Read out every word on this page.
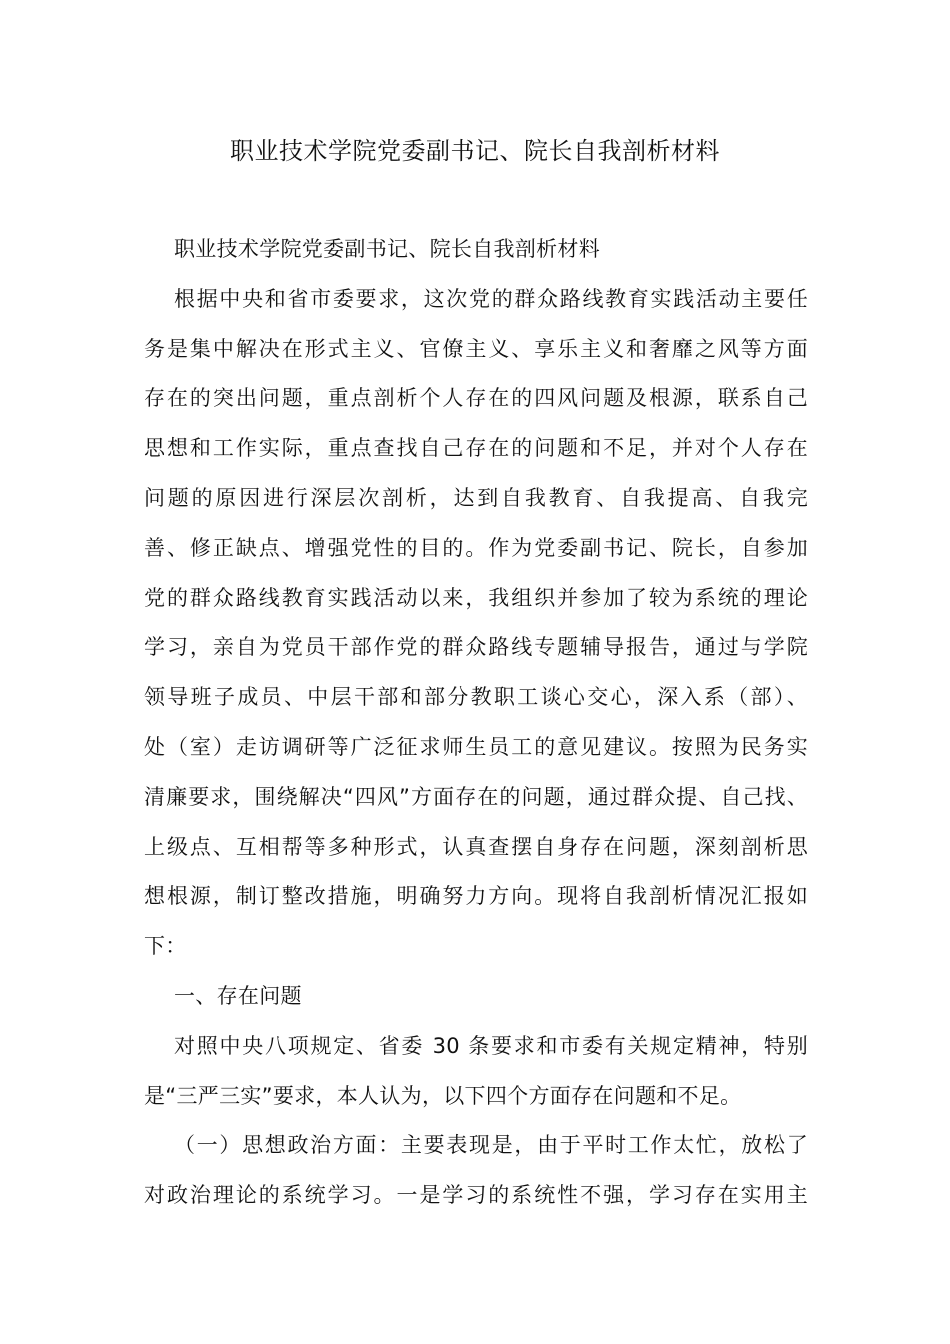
职业技术学院党委副书记、院长自我剖析材料
职业技术学院党委副书记、院长自我剖析材料
根据中央和省市委要求，这次党的群众路线教育实践活动主要任
务是集中解决在形式主义、官僚主义、享乐主义和奢靡之风等方面
存在的突出问题，重点剖析个人存在的四风问题及根源，联系自己
思想和工作实际，重点查找自己存在的问题和不足，并对个人存在
问题的原因进行深层次剖析，达到自我教育、自我提高、自我完
善、修正缺点、增强党性的目的。作为党委副书记、院长，自参加
党的群众路线教育实践活动以来，我组织并参加了较为系统的理论
学习，亲自为党员干部作党的群众路线专题辅导报告，通过与学院
领导班子成员、中层干部和部分教职工谈心交心，深入系（部）、
处（室）走访调研等广泛征求师生员工的意见建议。按照为民务实
清廉要求，围绕解决“四风”方面存在的问题，通过群众提、自己找、
上级点、互相帮等多种形式，认真查摆自身存在问题，深刻剖析思
想根源，制订整改措施，明确努力方向。现将自我剖析情况汇报如
下：
一、存在问题
对照中央八项规定、省委 30 条要求和市委有关规定精神，特别
是“三严三实”要求，本人认为，以下四个方面存在问题和不足。
（一）思想政治方面：主要表现是，由于平时工作太忙，放松了
对政治理论的系统学习。一是学习的系统性不强，学习存在实用主
